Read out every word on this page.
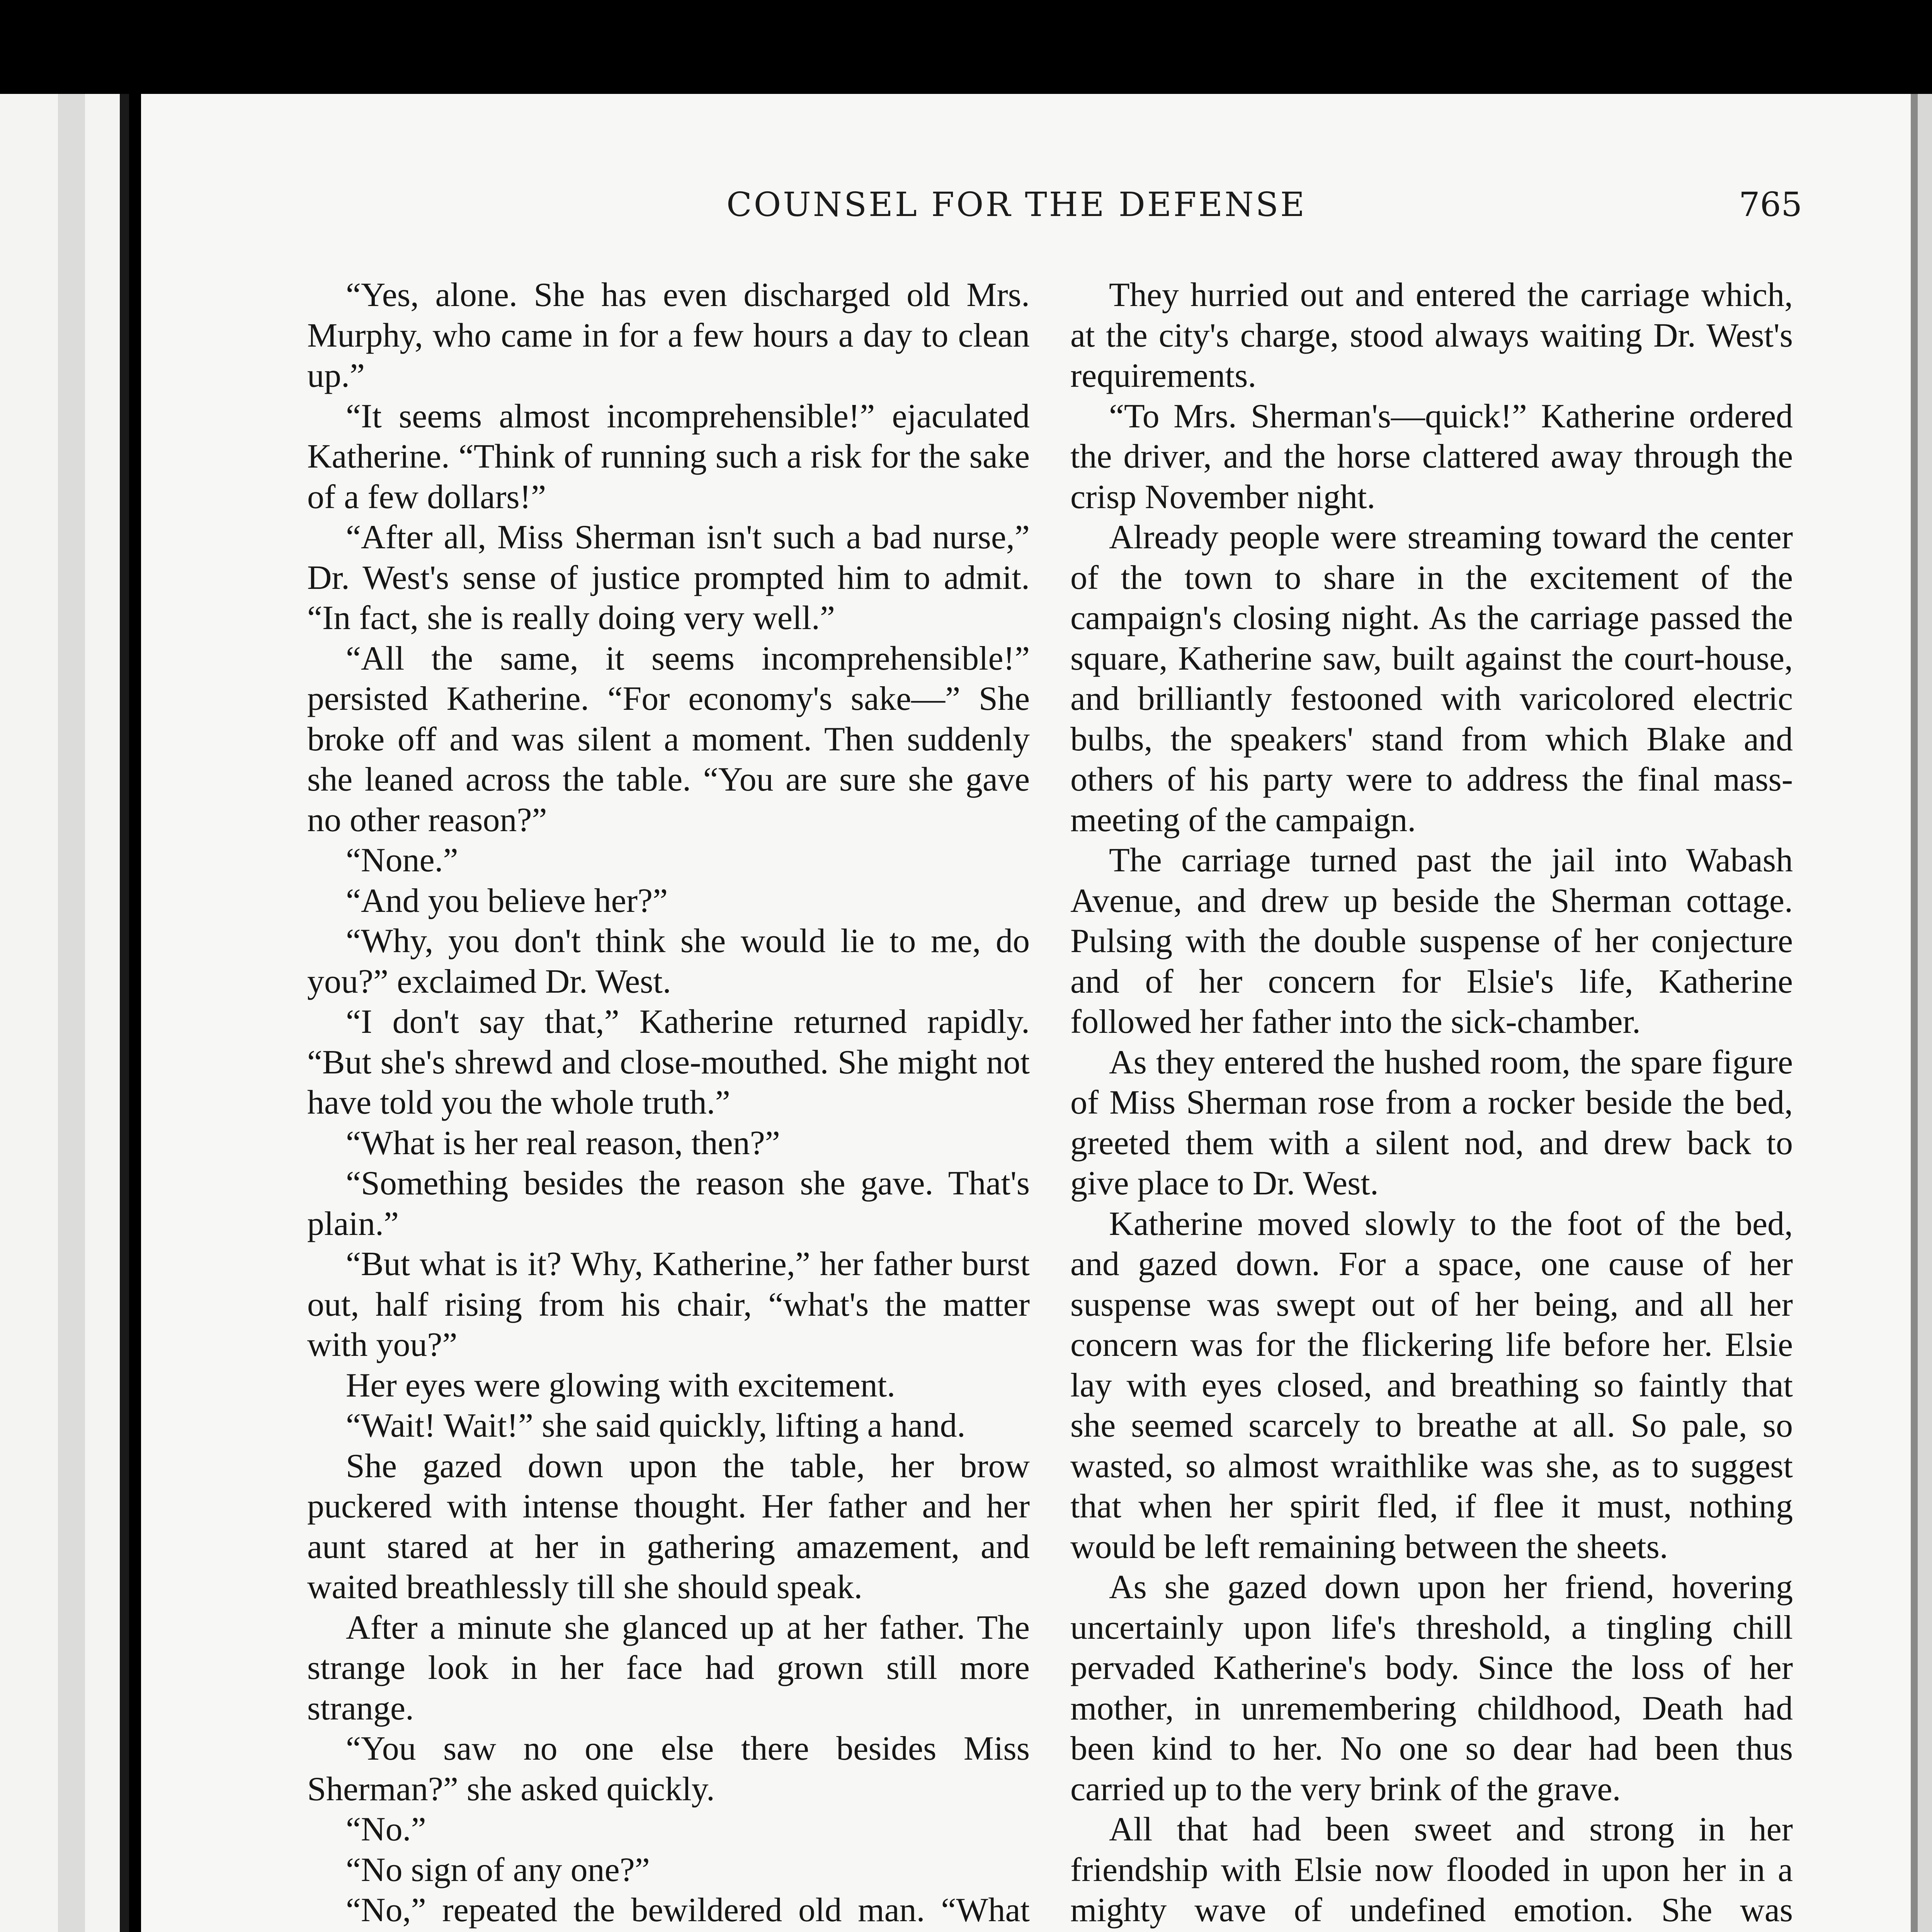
COUNSEL FOR THE DEFENSE	765

“Yes, alone. She has even discharged old Mrs. Murphy, who came in for a few hours a day to clean up.”

“It seems almost incomprehensible!” ejaculated Katherine. “Think of running such a risk for the sake of a few dollars!”

“After all, Miss Sherman isn't such a bad nurse,” Dr. West's sense of justice prompted him to admit. “In fact, she is really doing very well.”

“All the same, it seems incomprehensible!” persisted Katherine. “For economy's sake—” She broke off and was silent a moment. Then suddenly she leaned across the table. “You are sure she gave no other reason?”

“None.”

“And you believe her?”

“Why, you don't think she would lie to me, do you?” exclaimed Dr. West.

“I don't say that,” Katherine returned rapidly. “But she's shrewd and close-mouthed. She might not have told you the whole truth.”

“What is her real reason, then?”

“Something besides the reason she gave. That's plain.”

“But what is it? Why, Katherine,” her father burst out, half rising from his chair, “what's the matter with you?”

Her eyes were glowing with excitement.

“Wait! Wait!” she said quickly, lifting a hand.

She gazed down upon the table, her brow puckered with intense thought. Her father and her aunt stared at her in gathering amazement, and waited breathlessly till she should speak.

After a minute she glanced up at her father. The strange look in her face had grown still more strange.

“You saw no one else there besides Miss Sherman?” she asked quickly.

“No.”

“No sign of any one?”

“No,” repeated the bewildered old man. “What

They hurried out and entered the carriage which, at the city's charge, stood always waiting Dr. West's requirements.

“To Mrs. Sherman's—quick!” Katherine ordered the driver, and the horse clattered away through the crisp November night.

Already people were streaming toward the center of the town to share in the excitement of the campaign's closing night. As the carriage passed the square, Katherine saw, built against the court-house, and brilliantly festooned with varicolored electric bulbs, the speakers' stand from which Blake and others of his party were to address the final mass-meeting of the campaign.

The carriage turned past the jail into Wabash Avenue, and drew up beside the Sherman cottage. Pulsing with the double suspense of her conjecture and of her concern for Elsie's life, Katherine followed her father into the sick-chamber.

As they entered the hushed room, the spare figure of Miss Sherman rose from a rocker beside the bed, greeted them with a silent nod, and drew back to give place to Dr. West.

Katherine moved slowly to the foot of the bed, and gazed down. For a space, one cause of her suspense was swept out of her being, and all her concern was for the flickering life before her. Elsie lay with eyes closed, and breathing so faintly that she seemed scarcely to breathe at all. So pale, so wasted, so almost wraithlike was she, as to suggest that when her spirit fled, if flee it must, nothing would be left remaining between the sheets.

As she gazed down upon her friend, hovering uncertainly upon life's threshold, a tingling chill pervaded Katherine's body. Since the loss of her mother, in unremembering childhood, Death had been kind to her. No one so dear had been thus carried up to the very brink of the grave.

All that had been sweet and strong in her friendship with Elsie now flooded in upon her in a mighty wave of undefined emotion. She was
